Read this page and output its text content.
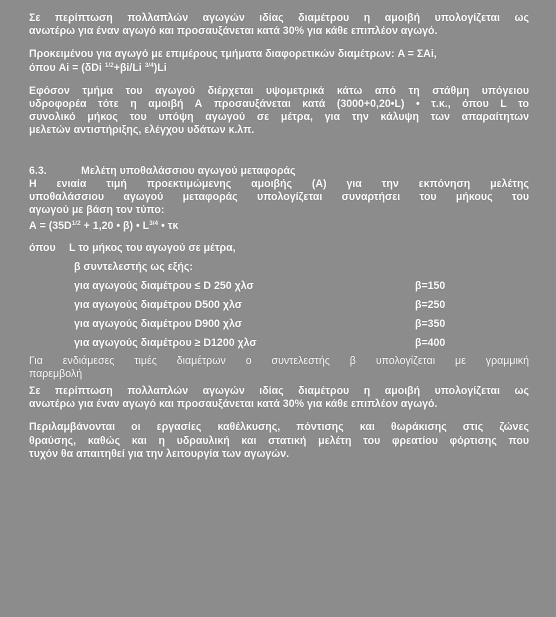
Σε περίπτωση πολλαπλών αγωγών ιδίας διαμέτρου η αμοιβή υπολογίζεται ως
ανωτέρω για έναν αγωγό και προσαυξάνεται κατά 30% για κάθε επιπλέον αγωγό.
Προκειμένου για αγωγό με επιμέρους τμήματα διαφορετικών διαμέτρων: A = ΣAi,
όπου Ai = (δDi $^{1/2}$+βi/Li $^{3/4}$)Li
Εφόσον τμήμα του αγωγού διέρχεται υψομετρικά κάτω από τη στάθμη υπόγειου
υδροφορέα τότε η αμοιβή Α προσαυξάνεται κατά (3000+0,20•L) • τ.κ., όπου L το
συνολικό μήκος του υπόψη αγωγού σε μέτρα, για την κάλυψη των απαραίτητων
μελετών αντιστήριξης, ελέγχου υδάτων κ.λπ.
6.3.	Μελέτη υποθαλάσσιου αγωγού μεταφοράς
Η ενιαία τιμή προεκτιμώμενης αμοιβής (Α) για την εκπόνηση μελέτης
υποθαλάσσιου αγωγού μεταφοράς υπολογίζεται συναρτήσει του μήκους του
αγωγού με βάση τον τύπο:
$A = (35D^{1/2} + 1,20$ • β) • $L^{3/4}$ • τκ
όπου L το μήκος του αγωγού σε μέτρα,
β συντελεστής ως εξής:
για αγωγούς διαμέτρου ≤ D 250 χλσ	β=150
για αγωγούς διαμέτρου D500 χλσ	β=250
για αγωγούς διαμέτρου D900 χλσ	β=350
για αγωγούς διαμέτρου ≥ D1200 χλσ	β=400
Για ενδιάμεσες τιμές διαμέτρων ο συντελεστής β υπολογίζεται με γραμμική
παρεμβολή
Σε περίπτωση πολλαπλών αγωγών ιδίας διαμέτρου η αμοιβή υπολογίζεται ως
ανωτέρω για έναν αγωγό και προσαυξάνεται κατά 30% για κάθε επιπλέον αγωγό.
Περιλαμβάνονται οι εργασίες καθέλκυσης, πόντισης και θωράκισης στις ζώνες
θραύσης, καθώς και η υδραυλική και στατική μελέτη του φρεατίου φόρτισης που
τυχόν θα απαιτηθεί για την λειτουργία των αγωγών.
